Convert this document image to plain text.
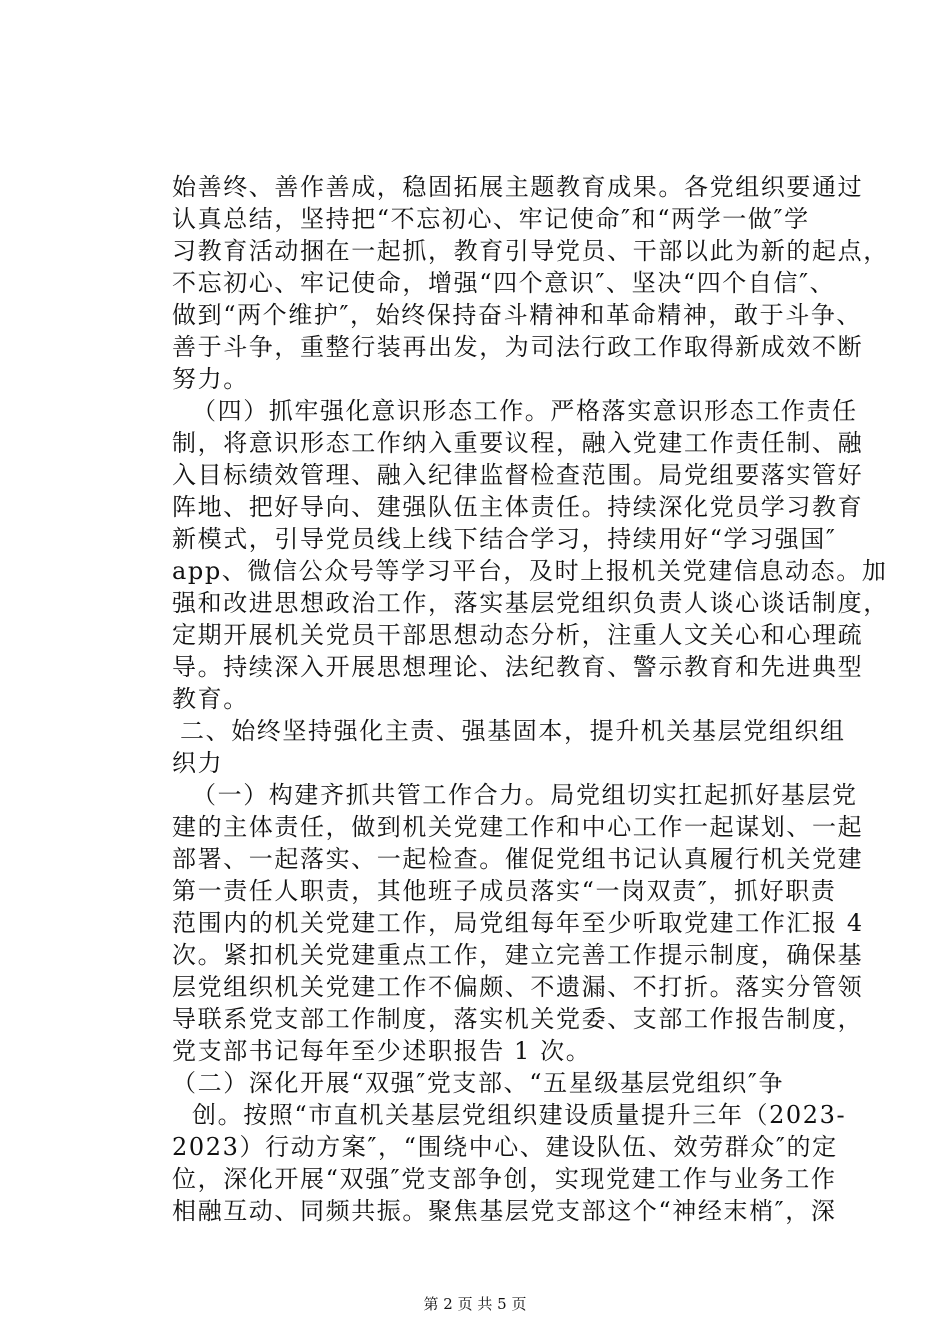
始善终、善作善成，稳固拓展主题教育成果。各党组织要通过
认真总结，坚持把“不忘初心、牢记使命″和“两学一做″学
习教育活动捆在一起抓，教育引导党员、干部以此为新的起点，
不忘初心、牢记使命，增强“四个意识″、坚决“四个自信″、
做到“两个维护″，始终保持奋斗精神和革命精神，敢于斗争、
善于斗争，重整行装再出发，为司法行政工作取得新成效不断
努力。
（四）抓牢强化意识形态工作。严格落实意识形态工作责任
制，将意识形态工作纳入重要议程，融入党建工作责任制、融
入目标绩效管理、融入纪律监督检查范围。局党组要落实管好
阵地、把好导向、建强队伍主体责任。持续深化党员学习教育
新模式，引导党员线上线下结合学习，持续用好“学习强国″
app、微信公众号等学习平台，及时上报机关党建信息动态。加
强和改进思想政治工作，落实基层党组织负责人谈心谈话制度，
定期开展机关党员干部思想动态分析，注重人文关心和心理疏
导。持续深入开展思想理论、法纪教育、警示教育和先进典型
教育。
二、始终坚持强化主责、强基固本，提升机关基层党组织组
织力
（一）构建齐抓共管工作合力。局党组切实扛起抓好基层党
建的主体责任，做到机关党建工作和中心工作一起谋划、一起
部署、一起落实、一起检查。催促党组书记认真履行机关党建
第一责任人职责，其他班子成员落实“一岗双责″，抓好职责
范围内的机关党建工作，局党组每年至少听取党建工作汇报 4
次。紧扣机关党建重点工作，建立完善工作提示制度，确保基
层党组织机关党建工作不偏颇、不遗漏、不打折。落实分管领
导联系党支部工作制度，落实机关党委、支部工作报告制度，
党支部书记每年至少述职报告 1 次。
（二）深化开展“双强″党支部、“五星级基层党组织″争
创。按照“市直机关基层党组织建设质量提升三年（2023-
2023）行动方案″，“围绕中心、建设队伍、效劳群众″的定
位，深化开展“双强″党支部争创，实现党建工作与业务工作
相融互动、同频共振。聚焦基层党支部这个“神经末梢″，深
第 2 页 共 5 页
